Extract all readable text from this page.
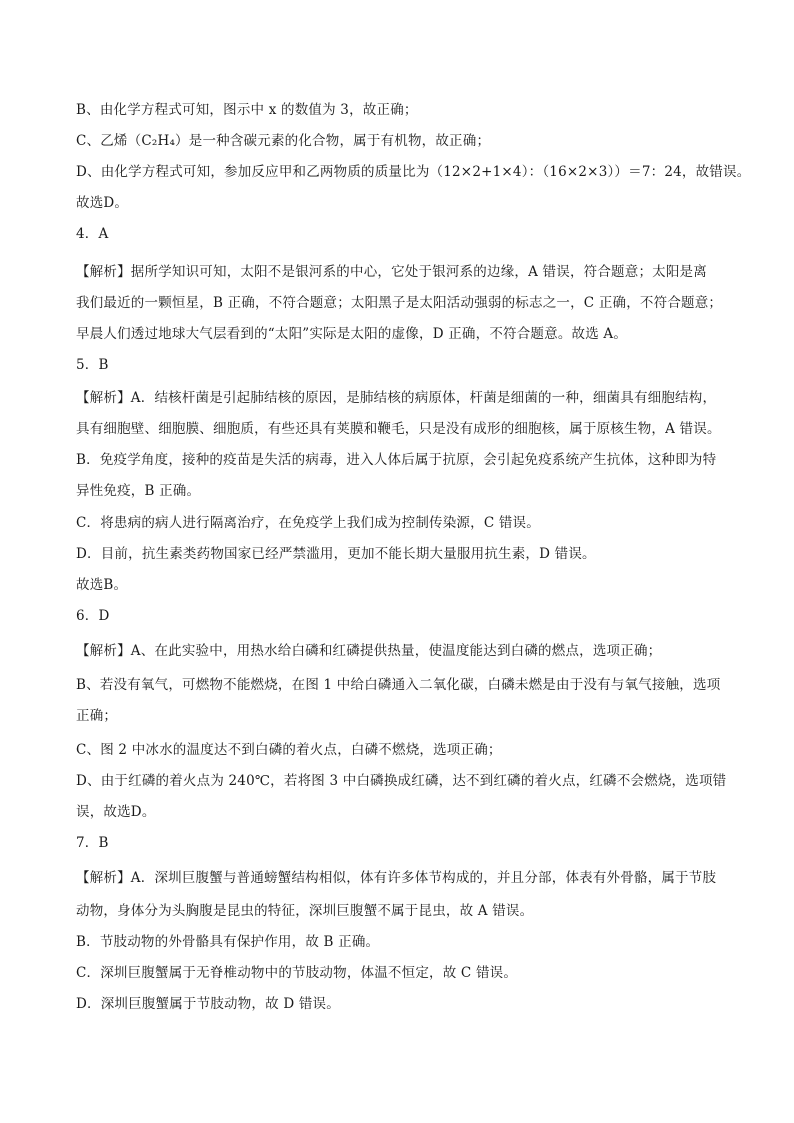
B、由化学方程式可知，图示中 x 的数值为 3，故正确；
C、乙烯（C₂H₄）是一种含碳元素的化合物，属于有机物，故正确；
D、由化学方程式可知，参加反应甲和乙两物质的质量比为（12×2+1×4）：（16×2×3））＝7：24，故错误。
故选D。
4．A
【解析】据所学知识可知，太阳不是银河系的中心，它处于银河系的边缘，A 错误，符合题意；太阳是离
我们最近的一颗恒星，B 正确，不符合题意；太阳黑子是太阳活动强弱的标志之一，C 正确，不符合题意；
早晨人们透过地球大气层看到的“太阳”实际是太阳的虚像，D 正确，不符合题意。故选 A。
5．B
【解析】A．结核杆菌是引起肺结核的原因，是肺结核的病原体，杆菌是细菌的一种，细菌具有细胞结构，
具有细胞壁、细胞膜、细胞质，有些还具有荚膜和鞭毛，只是没有成形的细胞核，属于原核生物，A 错误。
B．免疫学角度，接种的疫苗是失活的病毒，进入人体后属于抗原，会引起免疫系统产生抗体，这种即为特
异性免疫，B 正确。
C．将患病的病人进行隔离治疗，在免疫学上我们成为控制传染源，C 错误。
D．目前，抗生素类药物国家已经严禁滥用，更加不能长期大量服用抗生素，D 错误。
故选B。
6．D
【解析】A、在此实验中，用热水给白磷和红磷提供热量，使温度能达到白磷的燃点，选项正确；
B、若没有氧气，可燃物不能燃烧，在图 1 中给白磷通入二氧化碳，白磷未燃是由于没有与氧气接触，选项
正确；
C、图 2 中冰水的温度达不到白磷的着火点，白磷不燃烧，选项正确；
D、由于红磷的着火点为 240℃，若将图 3 中白磷换成红磷，达不到红磷的着火点，红磷不会燃烧，选项错
误，故选D。
7．B
【解析】A．深圳巨腹蟹与普通螃蟹结构相似，体有许多体节构成的，并且分部，体表有外骨骼，属于节肢
动物，身体分为头胸腹是昆虫的特征，深圳巨腹蟹不属于昆虫，故 A 错误。
B．节肢动物的外骨骼具有保护作用，故 B 正确。
C．深圳巨腹蟹属于无脊椎动物中的节肢动物，体温不恒定，故 C 错误。
D．深圳巨腹蟹属于节肢动物，故 D 错误。
